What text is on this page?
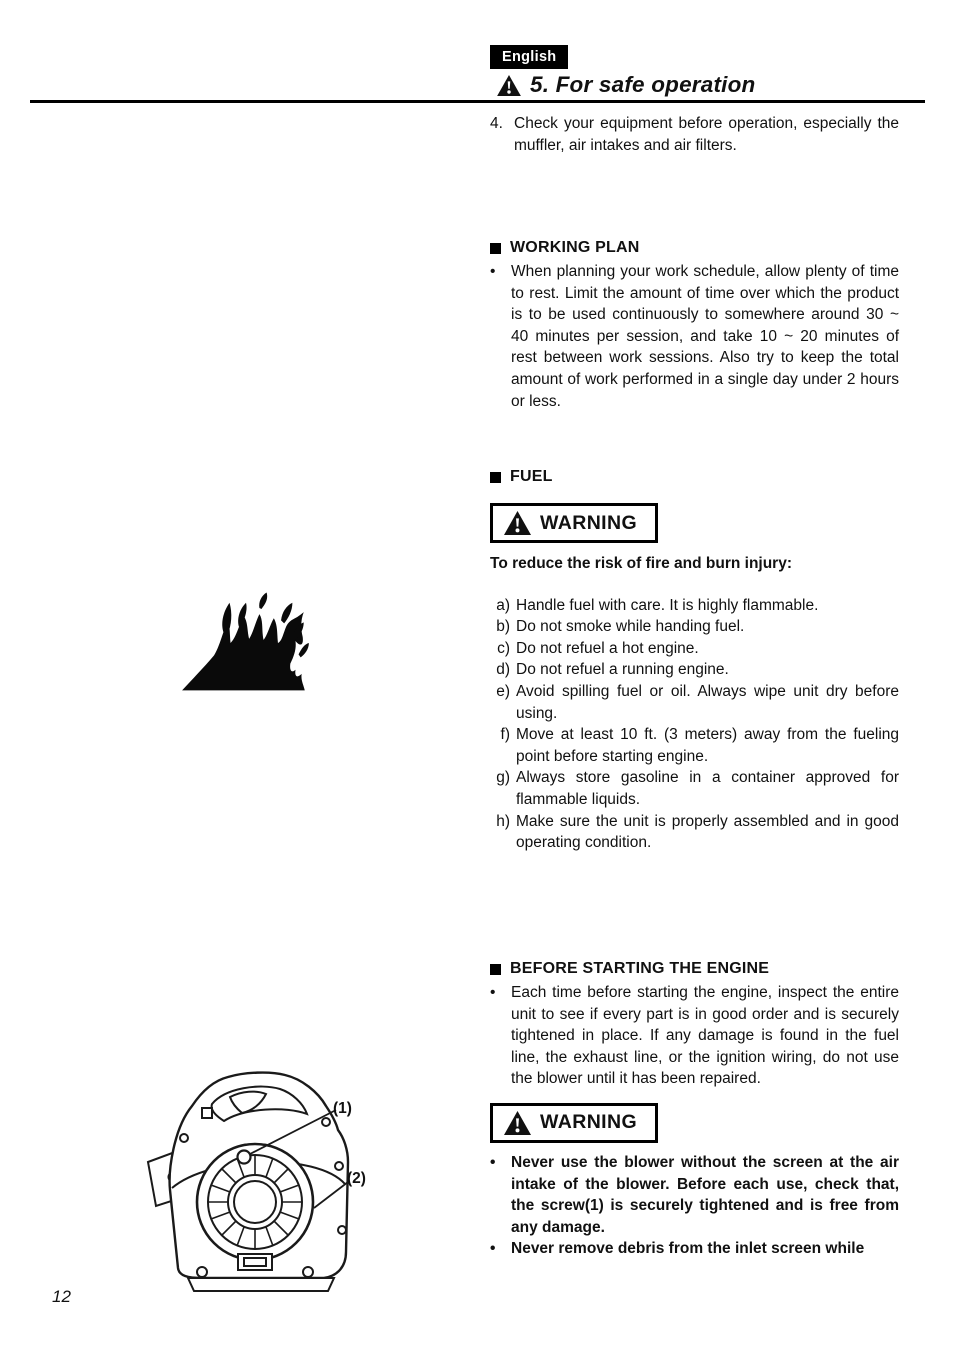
English
5. For safe operation
4. Check your equipment before operation, especially the muffler, air intakes and air filters.
WORKING PLAN
•	When planning your work schedule, allow plenty of time to rest. Limit the amount of time over which the product is to be used continuously to somewhere around 30 ~ 40 minutes per session, and take 10 ~ 20 minutes of rest between work sessions. Also try to keep the total amount of work performed in a single day under 2 hours or less.
FUEL
WARNING
To reduce the risk of fire and burn injury:
a) Handle fuel with care. It is highly flammable.
b) Do not smoke while handing fuel.
c) Do not refuel a hot engine.
d) Do not refuel a running engine.
e) Avoid spilling fuel or oil. Always wipe unit dry before using.
f) Move at least 10 ft. (3 meters) away from the fueling point before starting engine.
g) Always store gasoline in a container approved for flammable liquids.
h) Make sure the unit is properly assembled and in good operating condition.
BEFORE STARTING THE ENGINE
•	Each time before starting the engine, inspect the entire unit to see if every part is in good order and is securely tightened in place. If any damage is found in the fuel line, the exhaust line, or the ignition wiring, do not use the blower until it has been repaired.
WARNING
•	Never use the blower without the screen at the air intake of the blower. Before each use, check that, the screw(1) is securely tightened and is free from any damage.
•	Never remove debris from the inlet screen while
(1)
(2)
12
